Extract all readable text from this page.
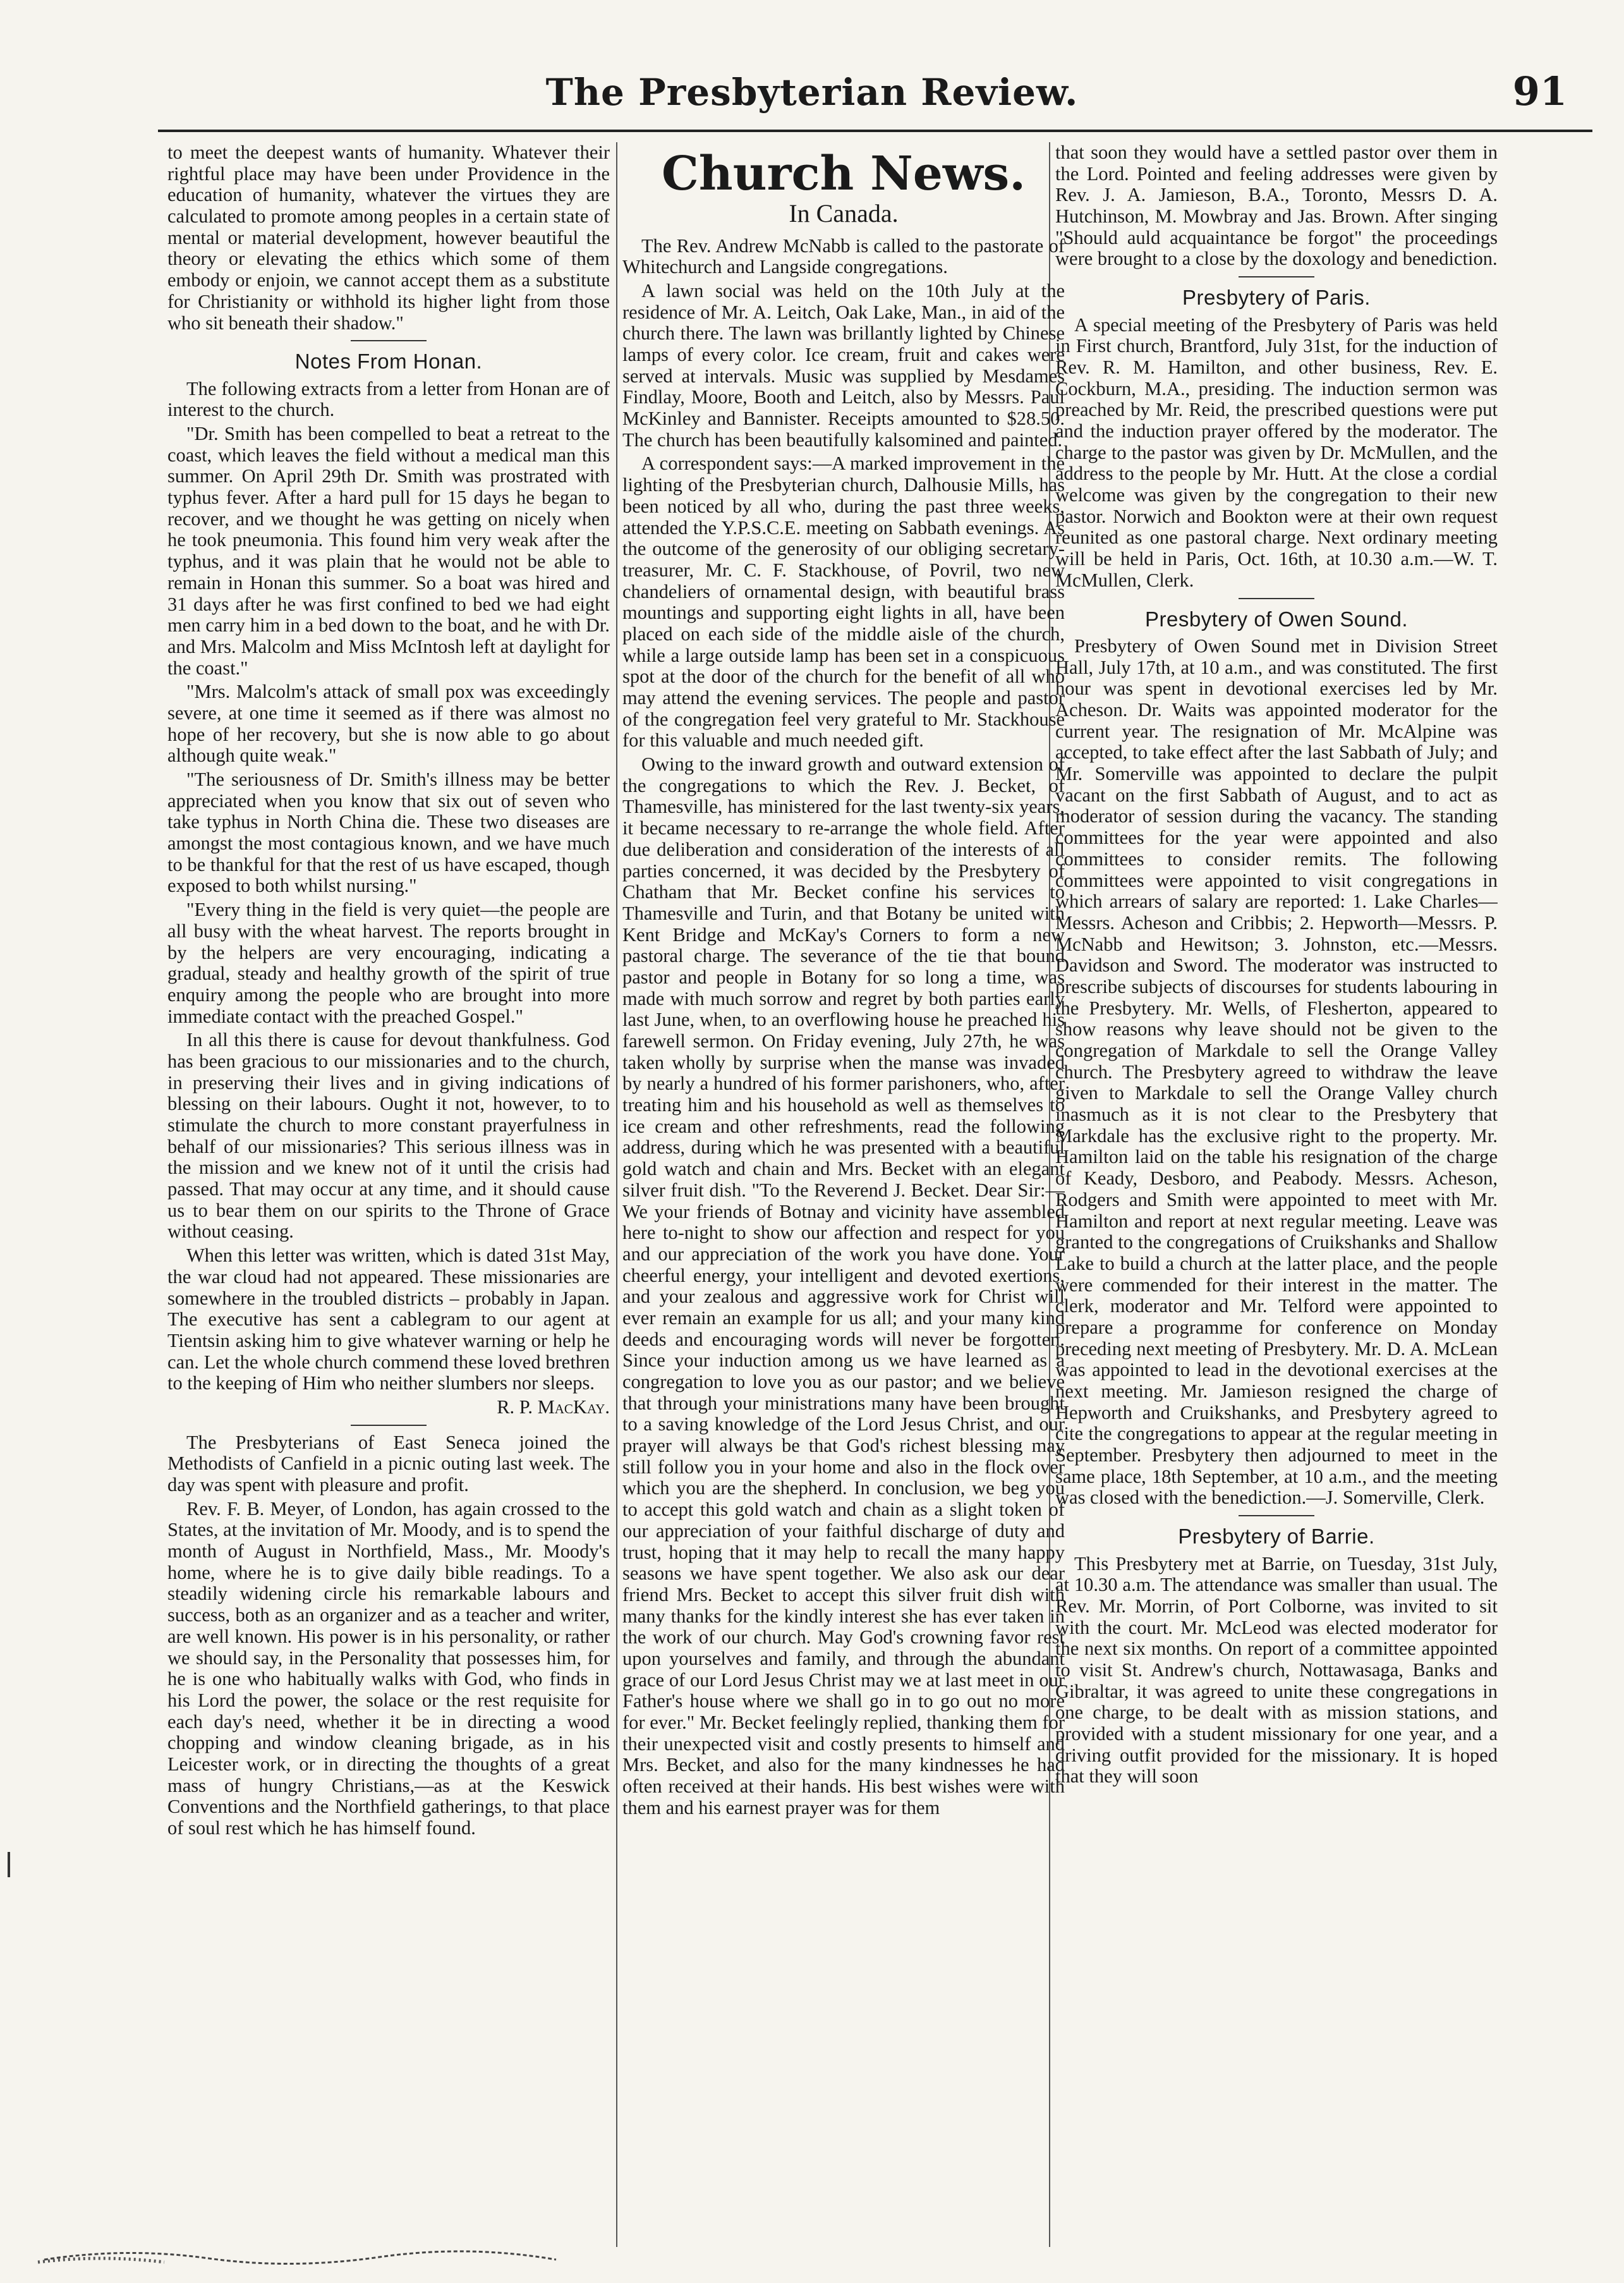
The Presbyterian Review.	91

to meet the deepest wants of humanity. Whatever their rightful place may have been under Providence in the education of humanity, whatever the virtues they are calculated to promote among peoples in a certain state of mental or material development, however beautiful the theory or elevating the ethics which some of them embody or enjoin, we cannot accept them as a substitute for Christianity or withhold its higher light from those who sit beneath their shadow."

Notes From Honan.

The following extracts from a letter from Honan are of interest to the church.

"Dr. Smith has been compelled to beat a retreat to the coast, which leaves the field without a medical man this summer. On April 29th Dr. Smith was prostrated with typhus fever. After a hard pull for 15 days he began to recover, and we thought he was getting on nicely when he took pneumonia. This found him very weak after the typhus, and it was plain that he would not be able to remain in Honan this summer. So a boat was hired and 31 days after he was first confined to bed we had eight men carry him in a bed down to the boat, and he with Dr. and Mrs. Malcolm and Miss McIntosh left at daylight for the coast."

"Mrs. Malcolm's attack of small pox was exceedingly severe, at one time it seemed as if there was almost no hope of her recovery, but she is now able to go about although quite weak."

"The seriousness of Dr. Smith's illness may be better appreciated when you know that six out of seven who take typhus in North China die. These two diseases are amongst the most contagious known, and we have much to be thankful for that the rest of us have escaped, though exposed to both whilst nursing."

"Every thing in the field is very quiet—the people are all busy with the wheat harvest. The reports brought in by the helpers are very encouraging, indicating a gradual, steady and healthy growth of the spirit of true enquiry among the people who are brought into more immediate contact with the preached Gospel."

In all this there is cause for devout thankfulness. God has been gracious to our missionaries and to the church, in preserving their lives and in giving indications of blessing on their labours. Ought it not, however, to to stimulate the church to more constant prayerfulness in behalf of our missionaries? This serious illness was in the mission and we knew not of it until the crisis had passed. That may occur at any time, and it should cause us to bear them on our spirits to the Throne of Grace without ceasing.

When this letter was written, which is dated 31st May, the war cloud had not appeared. These missionaries are somewhere in the troubled districts – probably in Japan. The executive has sent a cablegram to our agent at Tientsin asking him to give whatever warning or help he can. Let the whole church commend these loved brethren to the keeping of Him who neither slumbers nor sleeps.

R. P. MacKay.

The Presbyterians of East Seneca joined the Methodists of Canfield in a picnic outing last week. The day was spent with pleasure and profit.

Rev. F. B. Meyer, of London, has again crossed to the States, at the invitation of Mr. Moody, and is to spend the month of August in Northfield, Mass., Mr. Moody's home, where he is to give daily bible readings. To a steadily widening circle his remarkable labours and success, both as an organizer and as a teacher and writer, are well known. His power is in his personality, or rather we should say, in the Personality that possesses him, for he is one who habitually walks with God, who finds in his Lord the power, the solace or the rest requisite for each day's need, whether it be in directing a wood chopping and window cleaning brigade, as in his Leicester work, or in directing the thoughts of a great mass of hungry Christians,—as at the Keswick Conventions and the Northfield gatherings, to that place of soul rest which he has himself found.

Church News.
In Canada.

The Rev. Andrew McNabb is called to the pastorate of Whitechurch and Langside congregations.

A lawn social was held on the 10th July at the residence of Mr. A. Leitch, Oak Lake, Man., in aid of the church there. The lawn was brillantly lighted by Chinese lamps of every color. Ice cream, fruit and cakes were served at intervals. Music was supplied by Mesdames Findlay, Moore, Booth and Leitch, also by Messrs. Paul McKinley and Bannister. Receipts amounted to $28.50. The church has been beautifully kalsomined and painted.

A correspondent says:—A marked improvement in the lighting of the Presbyterian church, Dalhousie Mills, has been noticed by all who, during the past three weeks, attended the Y.P.S.C.E. meeting on Sabbath evenings. As the outcome of the generosity of our obliging secretary-treasurer, Mr. C. F. Stackhouse, of Povril, two new chandeliers of ornamental design, with beautiful brass mountings and supporting eight lights in all, have been placed on each side of the middle aisle of the church, while a large outside lamp has been set in a conspicuous spot at the door of the church for the benefit of all who may attend the evening services. The people and pastor of the congregation feel very grateful to Mr. Stackhouse for this valuable and much needed gift.

Owing to the inward growth and outward extension of the congregations to which the Rev. J. Becket, of Thamesville, has ministered for the last twenty-six years, it became necessary to re-arrange the whole field. After due deliberation and consideration of the interests of all parties concerned, it was decided by the Presbytery of Chatham that Mr. Becket confine his services to Thamesville and Turin, and that Botany be united with Kent Bridge and McKay's Corners to form a new pastoral charge. The severance of the tie that bound pastor and people in Botany for so long a time, was made with much sorrow and regret by both parties early last June, when, to an overflowing house he preached his farewell sermon. On Friday evening, July 27th, he was taken wholly by surprise when the manse was invaded by nearly a hundred of his former parishoners, who, after treating him and his household as well as themselves to ice cream and other refreshments, read the following address, during which he was presented with a beautiful gold watch and chain and Mrs. Becket with an elegant silver fruit dish. "To the Reverend J. Becket. Dear Sir:—We your friends of Botnay and vicinity have assembled here to-night to show our affection and respect for you and our appreciation of the work you have done. Your cheerful energy, your intelligent and devoted exertions, and your zealous and aggressive work for Christ will ever remain an example for us all; and your many kind deeds and encouraging words will never be forgotten. Since your induction among us we have learned as a congregation to love you as our pastor; and we believe that through your ministrations many have been brought to a saving knowledge of the Lord Jesus Christ, and our prayer will always be that God's richest blessing may still follow you in your home and also in the flock over which you are the shepherd. In conclusion, we beg you to accept this gold watch and chain as a slight token of our appreciation of your faithful discharge of duty and trust, hoping that it may help to recall the many happy seasons we have spent together. We also ask our dear friend Mrs. Becket to accept this silver fruit dish with many thanks for the kindly interest she has ever taken in the work of our church. May God's crowning favor rest upon yourselves and family, and through the abundant grace of our Lord Jesus Christ may we at last meet in our Father's house where we shall go in to go out no more for ever." Mr. Becket feelingly replied, thanking them for their unexpected visit and costly presents to himself and Mrs. Becket, and also for the many kindnesses he had often received at their hands. His best wishes were with them and his earnest prayer was for them

that soon they would have a settled pastor over them in the Lord. Pointed and feeling addresses were given by Rev. J. A. Jamieson, B.A., Toronto, Messrs D. A. Hutchinson, M. Mowbray and Jas. Brown. After singing "Should auld acquaintance be forgot" the proceedings were brought to a close by the doxology and benediction.

Presbytery of Paris.

A special meeting of the Presbytery of Paris was held in First church, Brantford, July 31st, for the induction of Rev. R. M. Hamilton, and other business, Rev. E. Cockburn, M.A., presiding. The induction sermon was preached by Mr. Reid, the prescribed questions were put and the induction prayer offered by the moderator. The charge to the pastor was given by Dr. McMullen, and the address to the people by Mr. Hutt. At the close a cordial welcome was given by the congregation to their new pastor. Norwich and Bookton were at their own request reunited as one pastoral charge. Next ordinary meeting will be held in Paris, Oct. 16th, at 10.30 a.m.—W. T. McMullen, Clerk.

Presbytery of Owen Sound.

Presbytery of Owen Sound met in Division Street Hall, July 17th, at 10 a.m., and was constituted. The first hour was spent in devotional exercises led by Mr. Acheson. Dr. Waits was appointed moderator for the current year. The resignation of Mr. McAlpine was accepted, to take effect after the last Sabbath of July; and Mr. Somerville was appointed to declare the pulpit vacant on the first Sabbath of August, and to act as moderator of session during the vacancy. The standing committees for the year were appointed and also committees to consider remits. The following committees were appointed to visit congregations in which arrears of salary are reported: 1. Lake Charles—Messrs. Acheson and Cribbis; 2. Hepworth—Messrs. P. McNabb and Hewitson; 3. Johnston, etc.—Messrs. Davidson and Sword. The moderator was instructed to prescribe subjects of discourses for students labouring in the Presbytery. Mr. Wells, of Flesherton, appeared to show reasons why leave should not be given to the congregation of Markdale to sell the Orange Valley church. The Presbytery agreed to withdraw the leave given to Markdale to sell the Orange Valley church inasmuch as it is not clear to the Presbytery that Markdale has the exclusive right to the property. Mr. Hamilton laid on the table his resignation of the charge of Keady, Desboro, and Peabody. Messrs. Acheson, Rodgers and Smith were appointed to meet with Mr. Hamilton and report at next regular meeting. Leave was granted to the congregations of Cruikshanks and Shallow Lake to build a church at the latter place, and the people were commended for their interest in the matter. The clerk, moderator and Mr. Telford were appointed to prepare a programme for conference on Monday preceding next meeting of Presbytery. Mr. D. A. McLean was appointed to lead in the devotional exercises at the next meeting. Mr. Jamieson resigned the charge of Hepworth and Cruikshanks, and Presbytery agreed to cite the congregations to appear at the regular meeting in September. Presbytery then adjourned to meet in the same place, 18th September, at 10 a.m., and the meeting was closed with the benediction.—J. Somerville, Clerk.

Presbytery of Barrie.

This Presbytery met at Barrie, on Tuesday, 31st July, at 10.30 a.m. The attendance was smaller than usual. The Rev. Mr. Morrin, of Port Colborne, was invited to sit with the court. Mr. McLeod was elected moderator for the next six months. On report of a committee appointed to visit St. Andrew's church, Nottawasaga, Banks and Gibraltar, it was agreed to unite these congregations in one charge, to be dealt with as mission stations, and provided with a student missionary for one year, and a driving outfit provided for the missionary. It is hoped that they will soon
